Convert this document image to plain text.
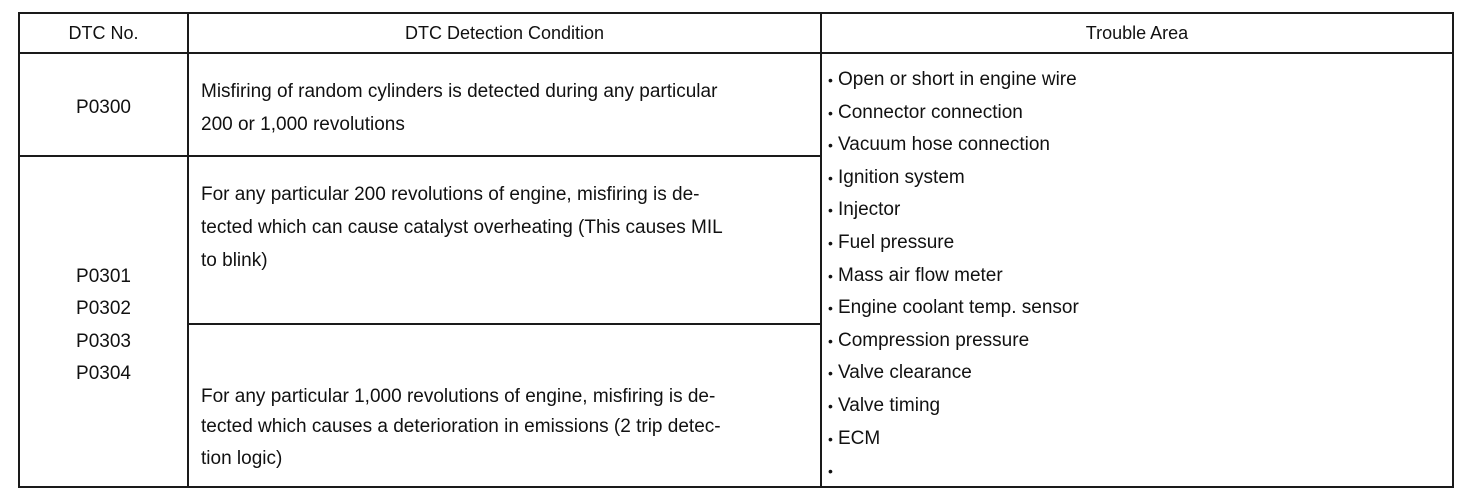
DTC No.	DTC Detection Condition	Trouble Area
P0300
Misfiring of random cylinders is detected during any particular
200 or 1,000 revolutions
P0301
P0302
P0303
P0304
For any particular 200 revolutions of engine, misfiring is de-
tected which can cause catalyst overheating (This causes MIL
to blink)
For any particular 1,000 revolutions of engine, misfiring is de-
tected which causes a deterioration in emissions (2 trip detec-
tion logic)
• Open or short in engine wire
• Connector connection
• Vacuum hose connection
• Ignition system
• Injector
• Fuel pressure
• Mass air flow meter
• Engine coolant temp. sensor
• Compression pressure
• Valve clearance
• Valve timing
• ECM
•
